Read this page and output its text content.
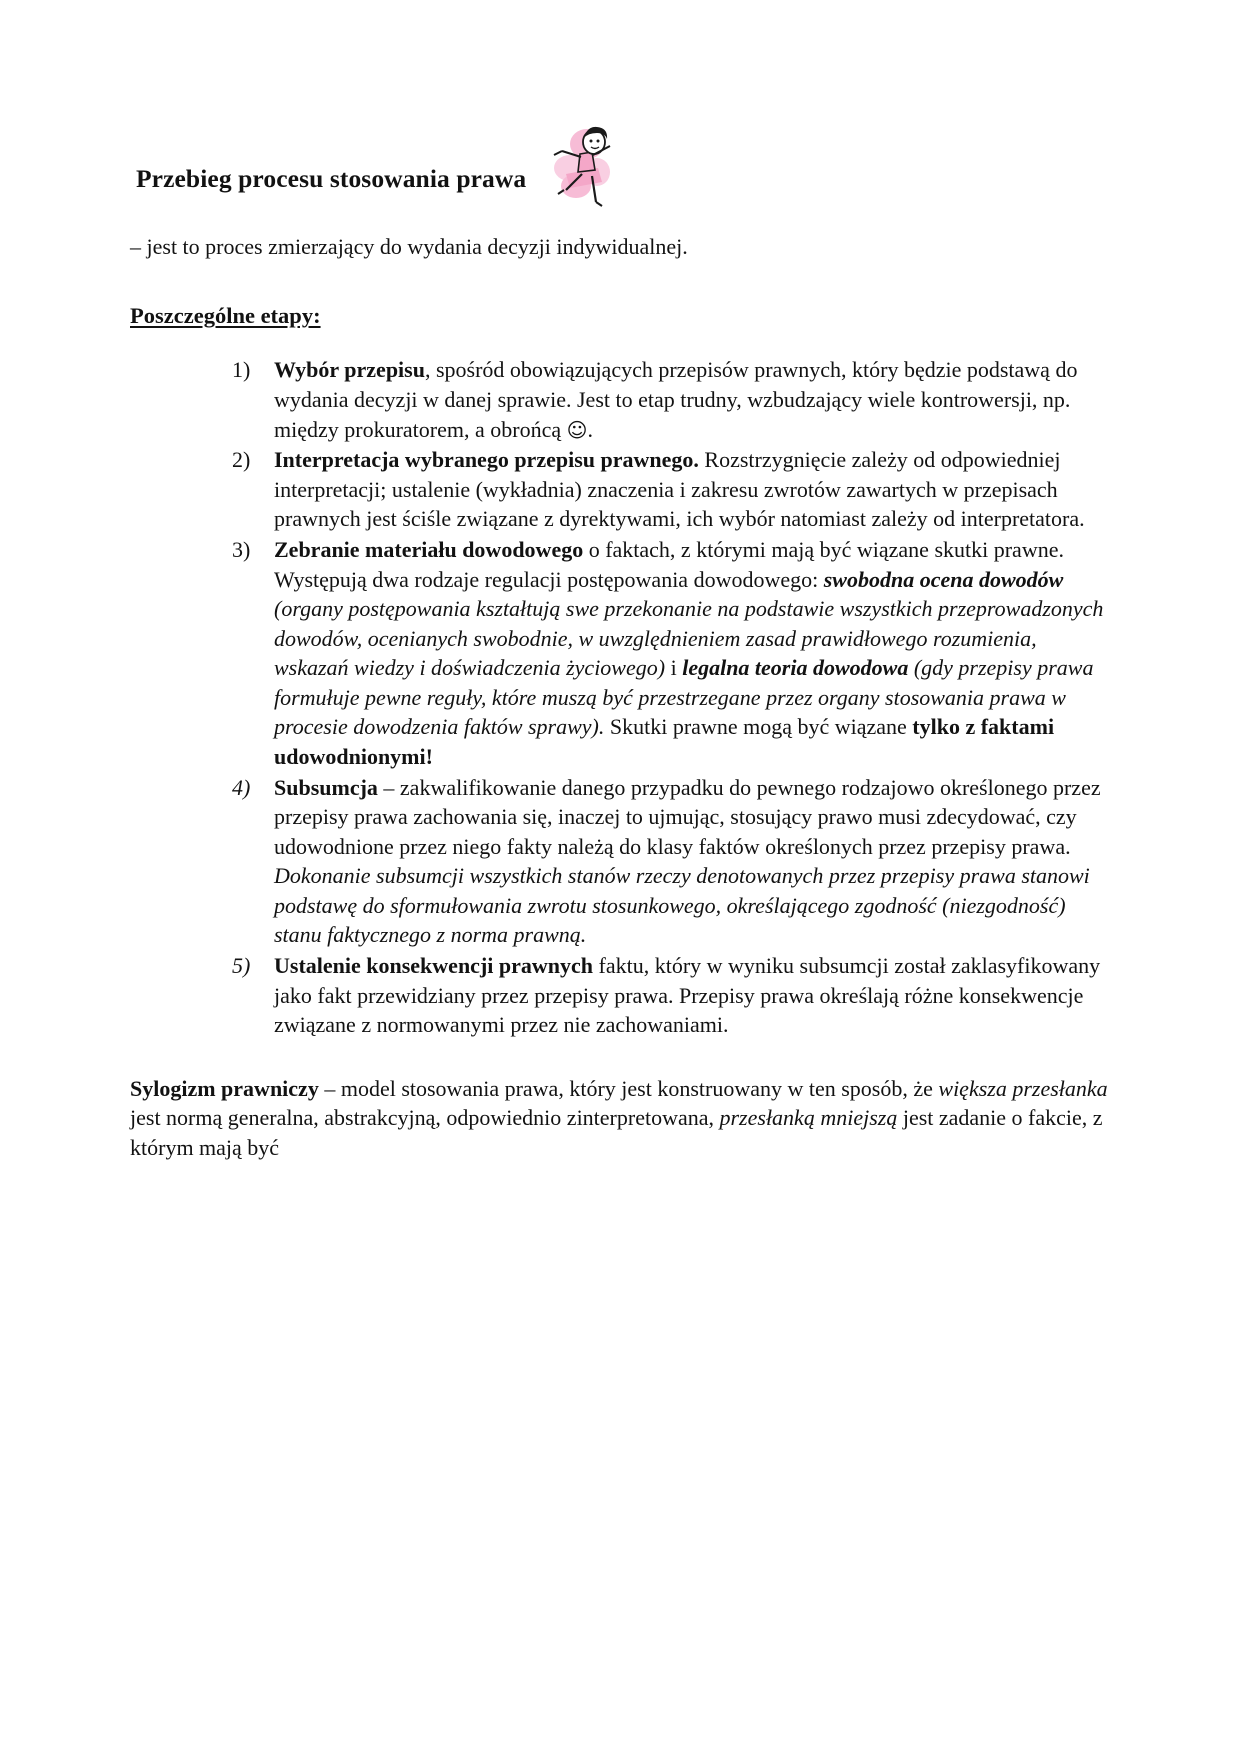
Przebieg procesu stosowania prawa

– jest to proces zmierzający do wydania decyzji indywidualnej.

Poszczególne etapy:
1)	Wybór przepisu, spośród obowiązujących przepisów prawnych, który będzie podstawą do wydania decyzji w danej sprawie. Jest to etap trudny, wzbudzający wiele kontrowersji, np. między prokuratorem, a obrońcą ☺.
2)	Interpretacja wybranego przepisu prawnego. Rozstrzygnięcie zależy od odpowiedniej interpretacji; ustalenie (wykładnia) znaczenia i zakresu zwrotów zawartych w przepisach prawnych jest ściśle związane z dyrektywami, ich wybór natomiast zależy od interpretatora.
3)	Zebranie materiału dowodowego o faktach, z którymi mają być wiązane skutki prawne. Występują dwa rodzaje regulacji postępowania dowodowego: swobodna ocena dowodów (organy postępowania kształtują swe przekonanie na podstawie wszystkich przeprowadzonych dowodów, ocenianych swobodnie, w uwzględnieniem zasad prawidłowego rozumienia, wskazań wiedzy i doświadczenia życiowego) i legalna teoria dowodowa (gdy przepisy prawa formułuje pewne reguły, które muszą być przestrzegane przez organy stosowania prawa w procesie dowodzenia faktów sprawy). Skutki prawne mogą być wiązane tylko z faktami udowodnionymi!
4)	Subsumcja – zakwalifikowanie danego przypadku do pewnego rodzajowo określonego przez przepisy prawa zachowania się, inaczej to ujmując, stosujący prawo musi zdecydować, czy udowodnione przez niego fakty należą do klasy faktów określonych przez przepisy prawa. Dokonanie subsumcji wszystkich stanów rzeczy denotowanych przez przepisy prawa stanowi podstawę do sformułowania zwrotu stosunkowego, określającego zgodność (niezgodność) stanu faktycznego z norma prawną.
5)	Ustalenie konsekwencji prawnych faktu, który w wyniku subsumcji został zaklasyfikowany jako fakt przewidziany przez przepisy prawa. Przepisy prawa określają różne konsekwencje związane z normowanymi przez nie zachowaniami.

Sylogizm prawniczy – model stosowania prawa, który jest konstruowany w ten sposób, że większa przesłanka jest normą generalna, abstrakcyjną, odpowiednio zinterpretowana, przesłanką mniejszą jest zadanie o fakcie, z którym mają być
